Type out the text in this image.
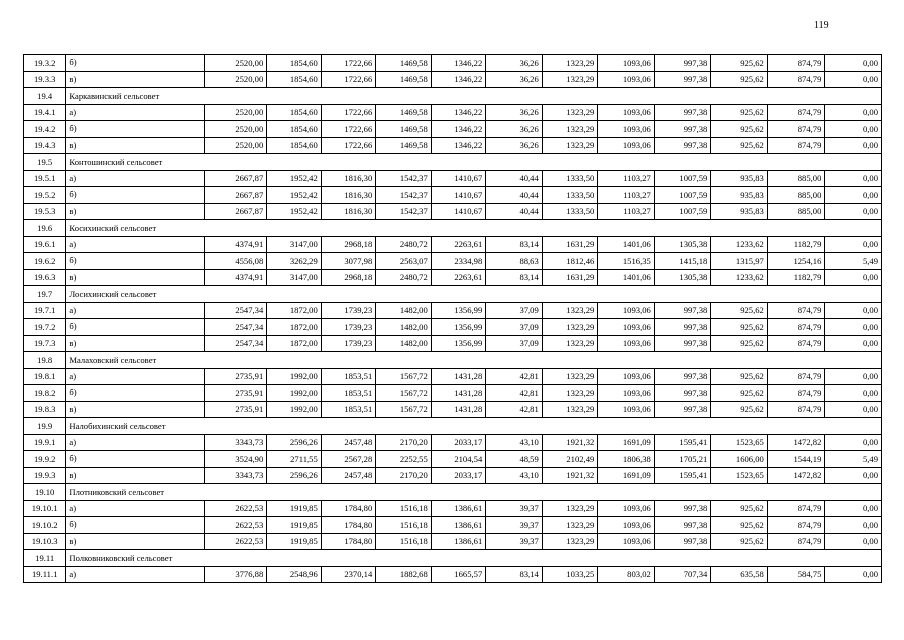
119
19.3.2	б)	2520,00	1854,60	1722,66	1469,58	1346,22	36,26	1323,29	1093,06	997,38	925,62	874,79	0,00
19.3.3	в)	2520,00	1854,60	1722,66	1469,58	1346,22	36,26	1323,29	1093,06	997,38	925,62	874,79	0,00
19.4	Каркавинский сельсовет												
19.4.1	а)	2520,00	1854,60	1722,66	1469,58	1346,22	36,26	1323,29	1093,06	997,38	925,62	874,79	0,00
19.4.2	б)	2520,00	1854,60	1722,66	1469,58	1346,22	36,26	1323,29	1093,06	997,38	925,62	874,79	0,00
19.4.3	в)	2520,00	1854,60	1722,66	1469,58	1346,22	36,26	1323,29	1093,06	997,38	925,62	874,79	0,00
19.5	Контошинский сельсовет												
19.5.1	а)	2667,87	1952,42	1816,30	1542,37	1410,67	40,44	1333,50	1103,27	1007,59	935,83	885,00	0,00
19.5.2	б)	2667,87	1952,42	1816,30	1542,37	1410,67	40,44	1333,50	1103,27	1007,59	935,83	885,00	0,00
19.5.3	в)	2667,87	1952,42	1816,30	1542,37	1410,67	40,44	1333,50	1103,27	1007,59	935,83	885,00	0,00
19.6	Косихинский сельсовет												
19.6.1	а)	4374,91	3147,00	2968,18	2480,72	2263,61	83,14	1631,29	1401,06	1305,38	1233,62	1182,79	0,00
19.6.2	б)	4556,08	3262,29	3077,98	2563,07	2334,98	88,63	1812,46	1516,35	1415,18	1315,97	1254,16	5,49
19.6.3	в)	4374,91	3147,00	2968,18	2480,72	2263,61	83,14	1631,29	1401,06	1305,38	1233,62	1182,79	0,00
19.7	Лосихинский сельсовет												
19.7.1	а)	2547,34	1872,00	1739,23	1482,00	1356,99	37,09	1323,29	1093,06	997,38	925,62	874,79	0,00
19.7.2	б)	2547,34	1872,00	1739,23	1482,00	1356,99	37,09	1323,29	1093,06	997,38	925,62	874,79	0,00
19.7.3	в)	2547,34	1872,00	1739,23	1482,00	1356,99	37,09	1323,29	1093,06	997,38	925,62	874,79	0,00
19.8	Малаховский сельсовет												
19.8.1	а)	2735,91	1992,00	1853,51	1567,72	1431,28	42,81	1323,29	1093,06	997,38	925,62	874,79	0,00
19.8.2	б)	2735,91	1992,00	1853,51	1567,72	1431,28	42,81	1323,29	1093,06	997,38	925,62	874,79	0,00
19.8.3	в)	2735,91	1992,00	1853,51	1567,72	1431,28	42,81	1323,29	1093,06	997,38	925,62	874,79	0,00
19.9	Налобихинский сельсовет												
19.9.1	а)	3343,73	2596,26	2457,48	2170,20	2033,17	43,10	1921,32	1691,09	1595,41	1523,65	1472,82	0,00
19.9.2	б)	3524,90	2711,55	2567,28	2252,55	2104,54	48,59	2102,49	1806,38	1705,21	1606,00	1544,19	5,49
19.9.3	в)	3343,73	2596,26	2457,48	2170,20	2033,17	43,10	1921,32	1691,09	1595,41	1523,65	1472,82	0,00
19.10	Плотниковский сельсовет												
19.10.1	а)	2622,53	1919,85	1784,80	1516,18	1386,61	39,37	1323,29	1093,06	997,38	925,62	874,79	0,00
19.10.2	б)	2622,53	1919,85	1784,80	1516,18	1386,61	39,37	1323,29	1093,06	997,38	925,62	874,79	0,00
19.10.3	в)	2622,53	1919,85	1784,80	1516,18	1386,61	39,37	1323,29	1093,06	997,38	925,62	874,79	0,00
19.11	Полковниковский сельсовет												
19.11.1	а)	3776,88	2548,96	2370,14	1882,68	1665,57	83,14	1033,25	803,02	707,34	635,58	584,75	0,00
